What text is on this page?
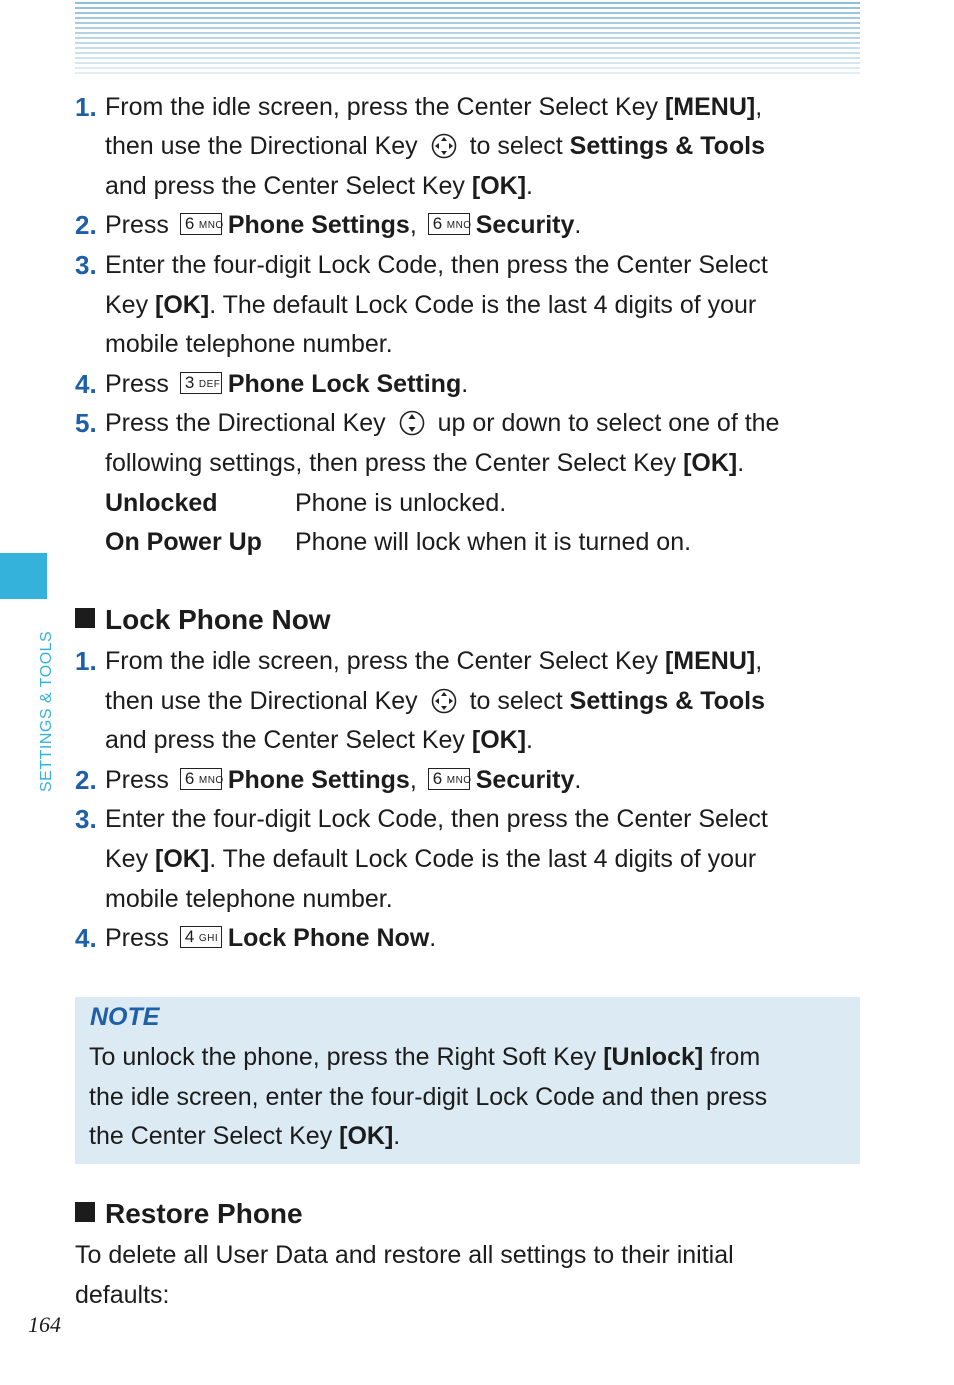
SETTINGS & TOOLS
1. From the idle screen, press the Center Select Key [MENU],
then use the Directional Key  to select Settings & Tools
and press the Center Select Key [OK].
2. Press 6 MNO Phone Settings, 6 MNO Security.
3. Enter the four-digit Lock Code, then press the Center Select
Key [OK]. The default Lock Code is the last 4 digits of your
mobile telephone number.
4. Press 3 DEF Phone Lock Setting.
5. Press the Directional Key  up or down to select one of the
following settings, then press the Center Select Key [OK].
Unlocked	Phone is unlocked.
On Power Up Phone will lock when it is turned on.
Lock Phone Now
1. From the idle screen, press the Center Select Key [MENU],
then use the Directional Key  to select Settings & Tools
and press the Center Select Key [OK].
2. Press 6 MNO Phone Settings, 6 MNO Security.
3. Enter the four-digit Lock Code, then press the Center Select
Key [OK]. The default Lock Code is the last 4 digits of your
mobile telephone number.
4. Press 4 GHI Lock Phone Now.
NOTE
To unlock the phone, press the Right Soft Key [Unlock] from
the idle screen, enter the four-digit Lock Code and then press
the Center Select Key [OK].
Restore Phone
To delete all User Data and restore all settings to their initial
defaults:
164
